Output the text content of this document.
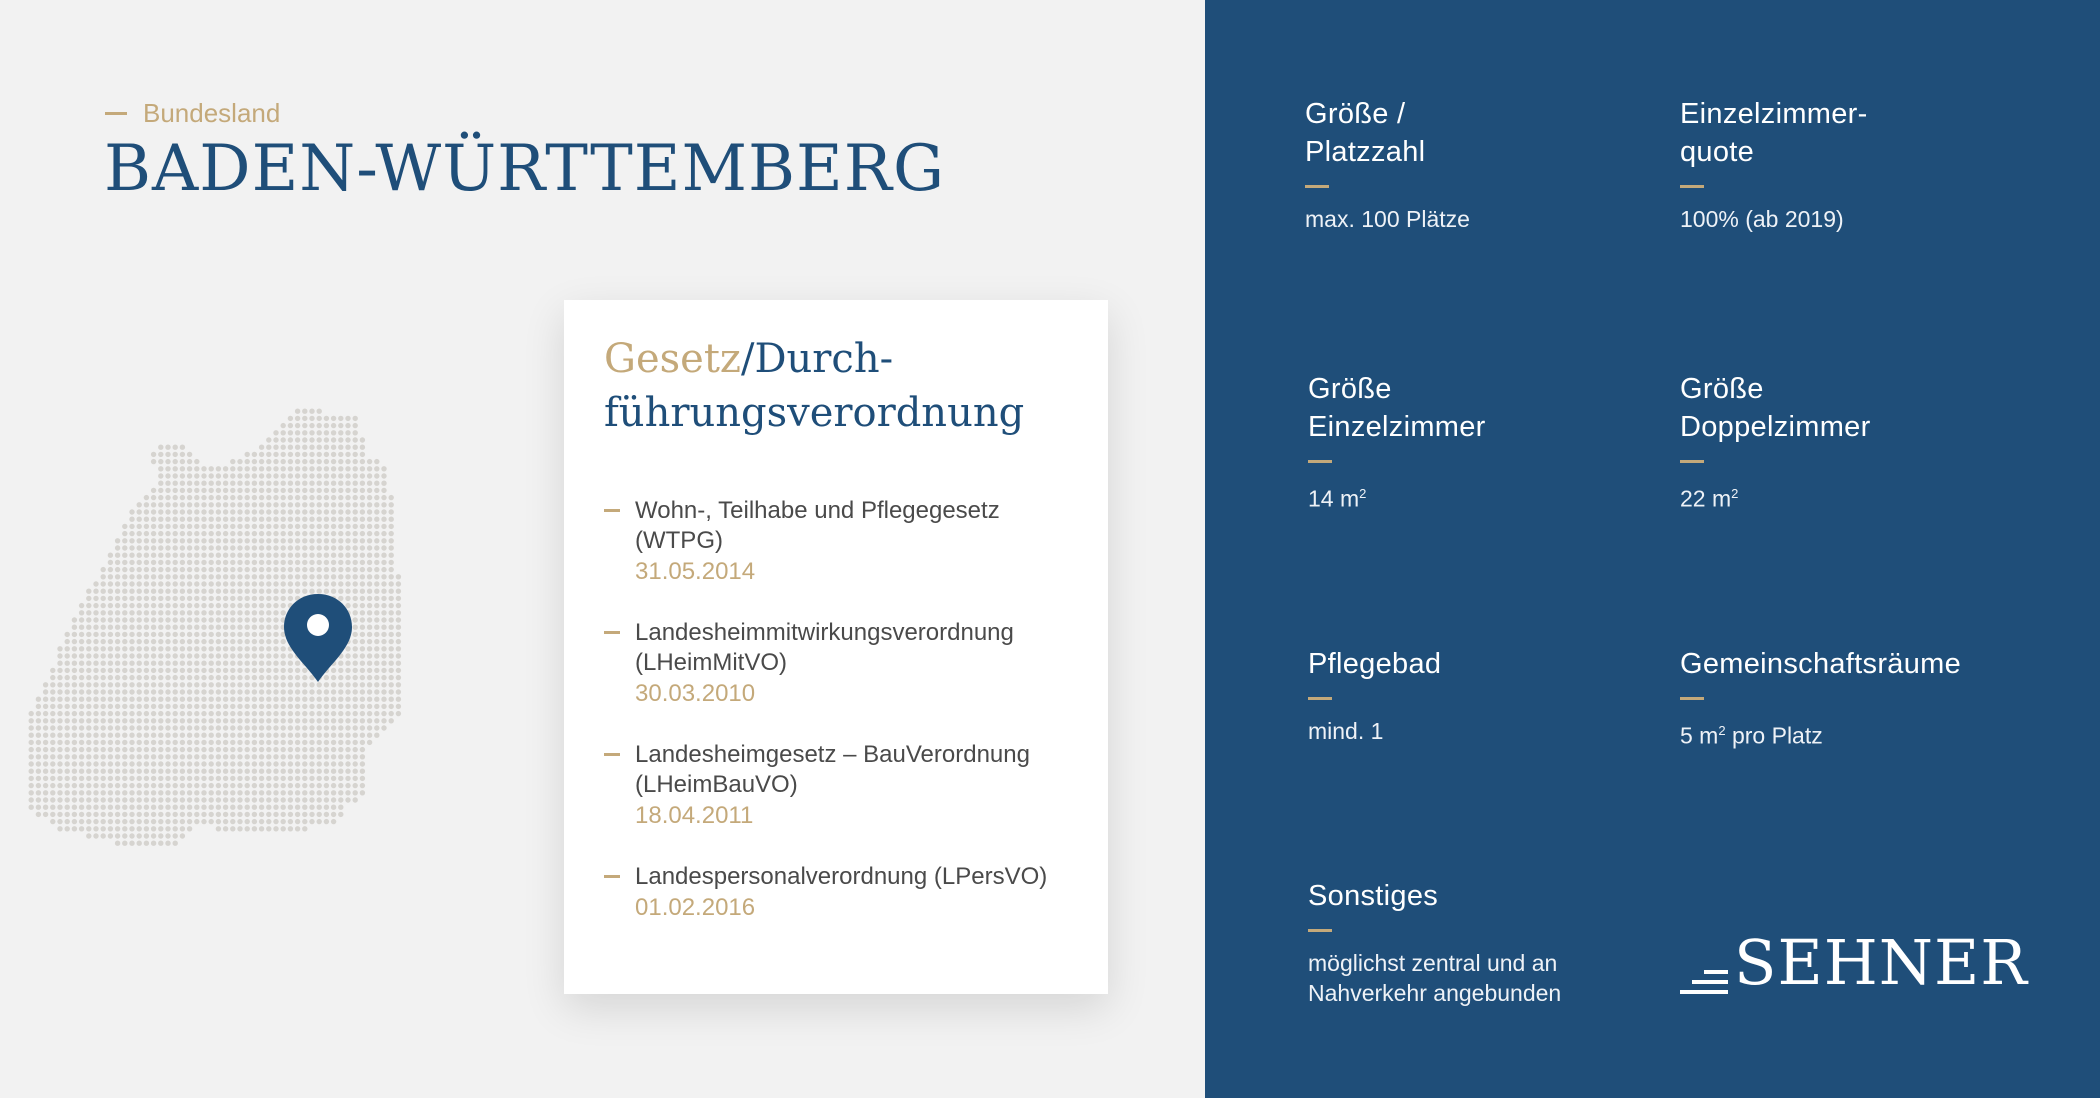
Bundesland
BADEN-WÜRTTEMBERG
Gesetz/Durch-
führungsverordnung
Wohn-, Teilhabe und Pflegegesetz (WTPG)
31.05.2014
Landesheimmitwirkungsverordnung (LHeimMitVO)
30.03.2010
Landesheimgesetz – BauVerordnung (LHeimBauVO)
18.04.2011
Landespersonalverordnung (LPersVO)
01.02.2016
Größe / Platzzahl
max. 100 Plätze
Einzelzimmer-quote
100% (ab 2019)
Größe Einzelzimmer
14 $m^2$
Größe Doppelzimmer
22 $m^2$
Pflegebad
mind. 1
Gemeinschaftsräume
5 $m^2$ pro Platz
Sonstiges
möglichst zentral und an Nahverkehr angebunden	SEHNER
